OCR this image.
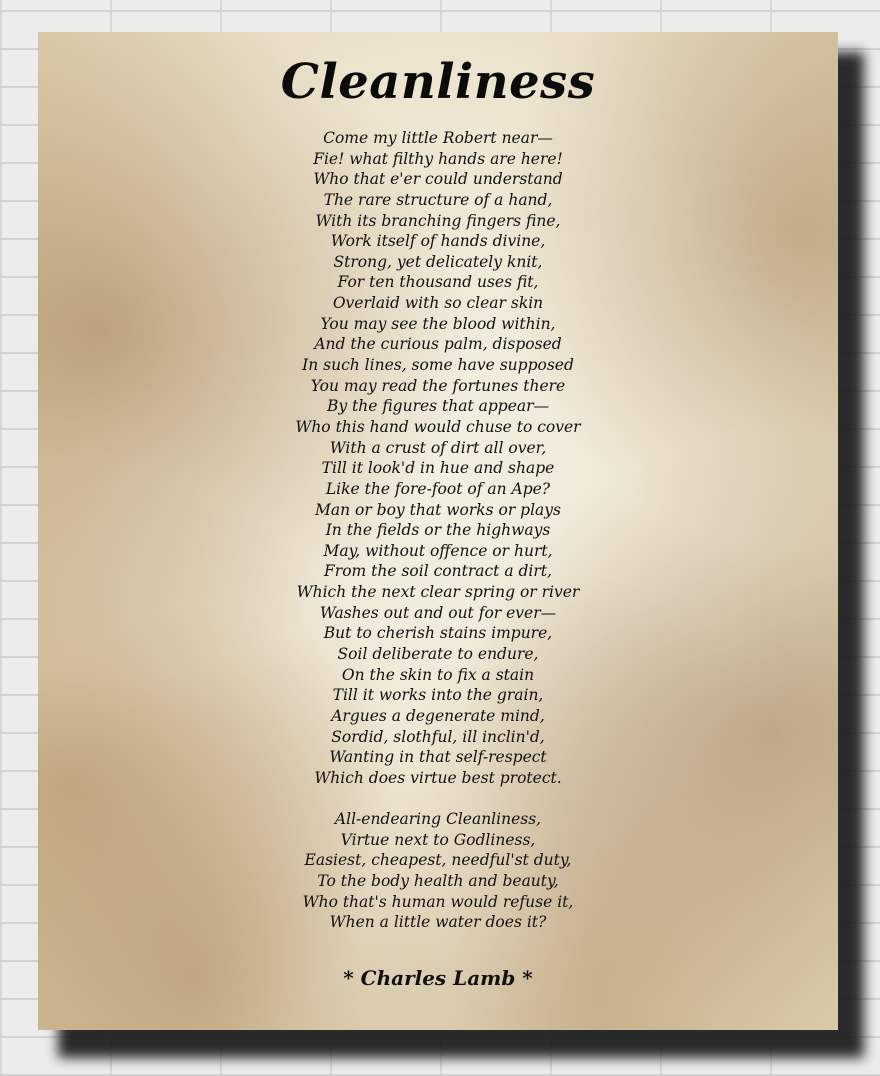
Cleanliness
Come my little Robert near—
Fie! what filthy hands are here!
Who that e'er could understand
The rare structure of a hand,
With its branching fingers fine,
Work itself of hands divine,
Strong, yet delicately knit,
For ten thousand uses fit,
Overlaid with so clear skin
You may see the blood within,
And the curious palm, disposed
In such lines, some have supposed
You may read the fortunes there
By the figures that appear—
Who this hand would chuse to cover
With a crust of dirt all over,
Till it look'd in hue and shape
Like the fore-foot of an Ape?
Man or boy that works or plays
In the fields or the highways
May, without offence or hurt,
From the soil contract a dirt,
Which the next clear spring or river
Washes out and out for ever—
But to cherish stains impure,
Soil deliberate to endure,
On the skin to fix a stain
Till it works into the grain,
Argues a degenerate mind,
Sordid, slothful, ill inclin'd,
Wanting in that self-respect
Which does virtue best protect.
All-endearing Cleanliness,
Virtue next to Godliness,
Easiest, cheapest, needful'st duty,
To the body health and beauty,
Who that's human would refuse it,
When a little water does it?
* Charles Lamb *
